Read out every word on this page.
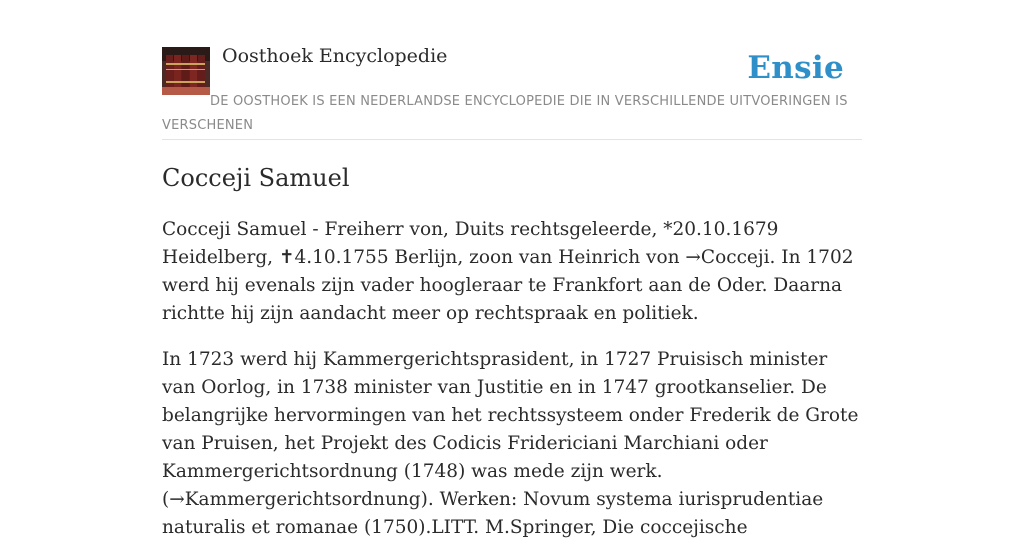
Oosthoek Encyclopedie	Ensie
DE OOSTHOEK IS EEN NEDERLANDSE ENCYCLOPEDIE DIE IN VERSCHILLENDE UITVOERINGEN IS VERSCHENEN
Cocceji Samuel

Cocceji Samuel - Freiherr von, Duits rechtsgeleerde, *20.10.1679 Heidelberg, ✝4.10.1755 Berlijn, zoon van Heinrich von →Cocceji. In 1702 werd hij evenals zijn vader hoogleraar te Frankfort aan de Oder. Daarna richtte hij zijn aandacht meer op rechtspraak en politiek.

In 1723 werd hij Kammergerichtsprasident, in 1727 Pruisisch minister van Oorlog, in 1738 minister van Justitie en in 1747 grootkanselier. De belangrijke hervormingen van het rechtssysteem onder Frederik de Grote van Pruisen, het Projekt des Codicis Fridericiani Marchiani oder Kammergerichtsordnung (1748) was mede zijn werk. (→Kammergerichtsordnung). Werken: Novum systema iurisprudentiae naturalis et romanae (1750).LITT. M.Springer, Die coccejische
